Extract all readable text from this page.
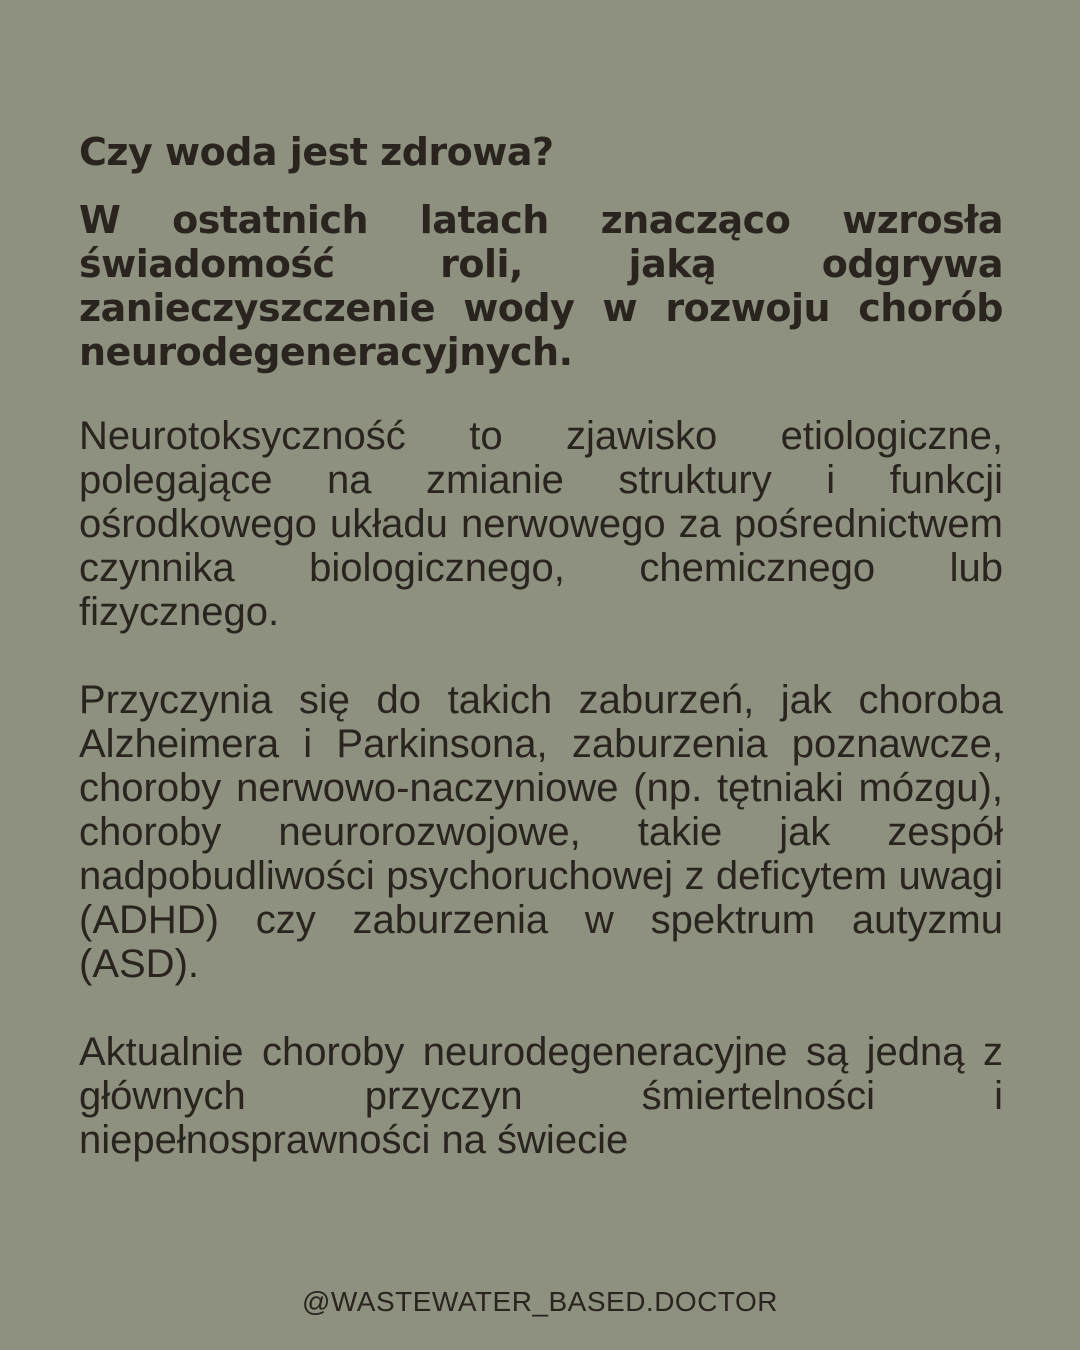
Czy woda jest zdrowa?

W ostatnich latach znacząco wzrosła świadomość roli, jaką odgrywa zanieczyszczenie wody w rozwoju chorób neurodegeneracyjnych.

Neurotoksyczność to zjawisko etiologiczne, polegające na zmianie struktury i funkcji ośrodkowego układu nerwowego za pośrednictwem czynnika biologicznego, chemicznego lub fizycznego.

Przyczynia się do takich zaburzeń, jak choroba Alzheimera i Parkinsona, zaburzenia poznawcze, choroby nerwowo-naczyniowe (np. tętniaki mózgu), choroby neurorozwojowe, takie jak zespół nadpobudliwości psychoruchowej z deficytem uwagi (ADHD) czy zaburzenia w spektrum autyzmu (ASD).

Aktualnie choroby neurodegeneracyjne są jedną z głównych przyczyn śmiertelności i niepełnosprawności na świecie

@WASTEWATER_BASED.DOCTOR
